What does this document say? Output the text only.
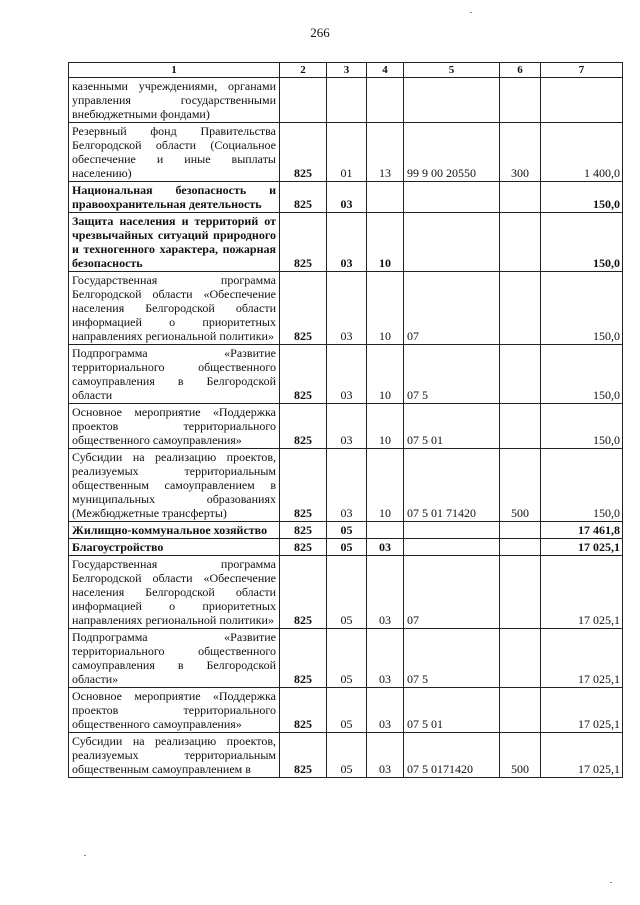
266
1	2	3	4	5	6	7
казенными учреждениями, органами управления государственными внебюджетными фондами)						
Резервный фонд Правительства Белгородской области (Социальное обеспечение и иные выплаты населению)	825	01	13	99 9 00 20550	300	1 400,0
Национальная безопасность и правоохранительная деятельность	825	03				150,0
Защита населения и территорий от чрезвычайных ситуаций природного и техногенного характера, пожарная безопасность	825	03	10			150,0
Государственная программа Белгородской области «Обеспечение населения Белгородской области информацией о приоритетных направлениях региональной политики»	825	03	10	07		150,0
Подпрограмма «Развитие территориального общественного самоуправления в Белгородской области	825	03	10	07 5		150,0
Основное мероприятие «Поддержка проектов территориального общественного самоуправления»	825	03	10	07 5 01		150,0
Субсидии на реализацию проектов, реализуемых территориальным общественным самоуправлением в муниципальных образованиях (Межбюджетные трансферты)	825	03	10	07 5 01 71420	500	150,0
Жилищно-коммунальное хозяйство	825	05				17 461,8
Благоустройство	825	05	03			17 025,1
Государственная программа Белгородской области «Обеспечение населения Белгородской области информацией о приоритетных направлениях региональной политики»	825	05	03	07		17 025,1
Подпрограмма «Развитие территориального общественного самоуправления в Белгородской области»	825	05	03	07 5		17 025,1
Основное мероприятие «Поддержка проектов территориального общественного самоуправления»	825	05	03	07 5 01		17 025,1
Субсидии на реализацию проектов, реализуемых территориальным общественным самоуправлением в	825	05	03	07 5 0171420	500	17 025,1
